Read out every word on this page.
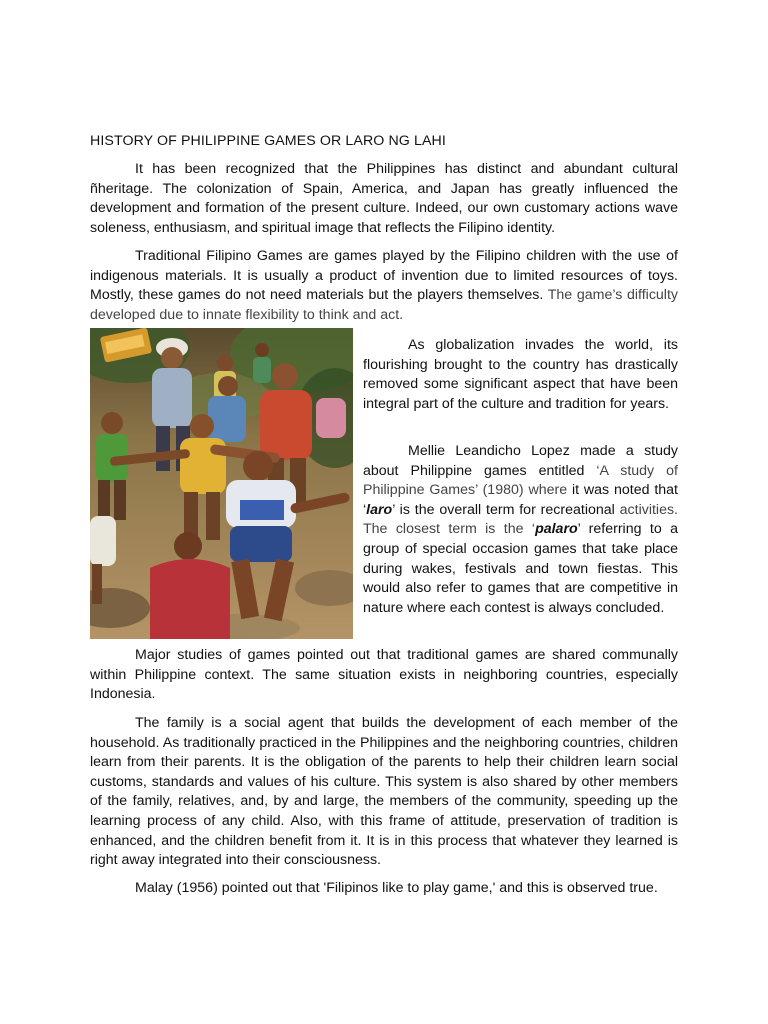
HISTORY OF PHILIPPINE GAMES OR LARO NG LAHI

It has been recognized that the Philippines has distinct and abundant cultural ñheritage. The colonization of Spain, America, and Japan has greatly influenced the development and formation of the present culture. Indeed, our own customary actions wave soleness, enthusiasm, and spiritual image that reflects the Filipino identity.

Traditional Filipino Games are games played by the Filipino children with the use of indigenous materials. It is usually a product of invention due to limited resources of toys. Mostly, these games do not need materials but the players themselves. The game’s difficulty developed due to innate flexibility to think and act.

As globalization invades the world, its flourishing brought to the country has drastically removed some significant aspect that have been integral part of the culture and tradition for years.

Mellie Leandicho Lopez made a study about Philippine games entitled ‘A study of Philippine Games’ (1980) where it was noted that ‘laro’ is the overall term for recreational activities. The closest term is the ‘palaro’ referring to a group of special occasion games that take place during wakes, festivals and town fiestas. This would also refer to games that are competitive in nature where each contest is always concluded.

Major studies of games pointed out that traditional games are shared communally within Philippine context. The same situation exists in neighboring countries, especially Indonesia.

The family is a social agent that builds the development of each member of the household. As traditionally practiced in the Philippines and the neighboring countries, children learn from their parents. It is the obligation of the parents to help their children learn social customs, standards and values of his culture. This system is also shared by other members of the family, relatives, and, by and large, the members of the community, speeding up the learning process of any child. Also, with this frame of attitude, preservation of tradition is enhanced, and the children benefit from it. It is in this process that whatever they learned is right away integrated into their consciousness.

Malay (1956) pointed out that 'Filipinos like to play game,' and this is observed true.
